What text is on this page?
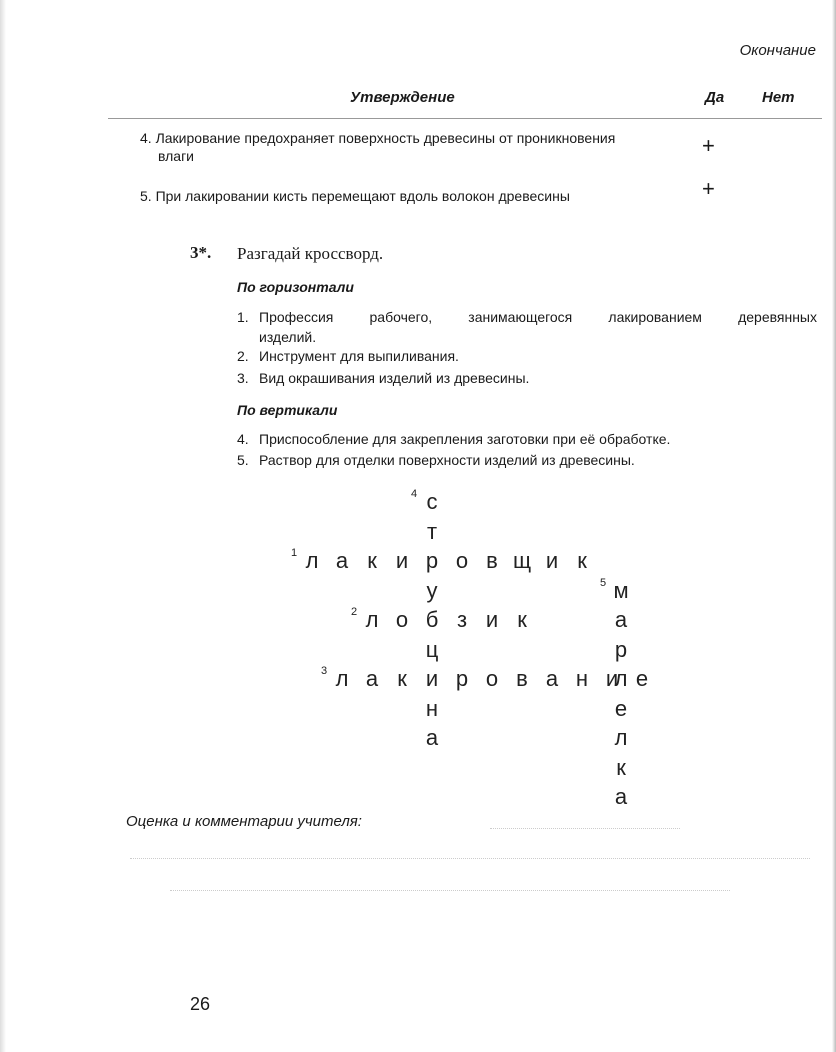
Окончание
Утверждение	Да	Нет
4. Лакирование предохраняет поверхность древесины от проникновения
влаги	+
5. При лакировании кисть перемещают вдоль волокон древесины	+
3*. Разгадай кроссворд.
По горизонтали
1. Профессия рабочего, занимающегося лакированием деревянных
изделий.
2. Инструмент для выпиливания.
3. Вид окрашивания изделий из древесины.
По вертикали
4. Приспособление для закрепления заготовки при её обработке.
5. Раствор для отделки поверхности изделий из древесины.
4 с
т
р
у
б
ц
и
н
а
1 л а к и	о в щ и к
5 м
а
р
л
е
л
к
а
2 л о	з и к
3 л а к	р о в а н и е
Оценка и комментарии учителя:
26
